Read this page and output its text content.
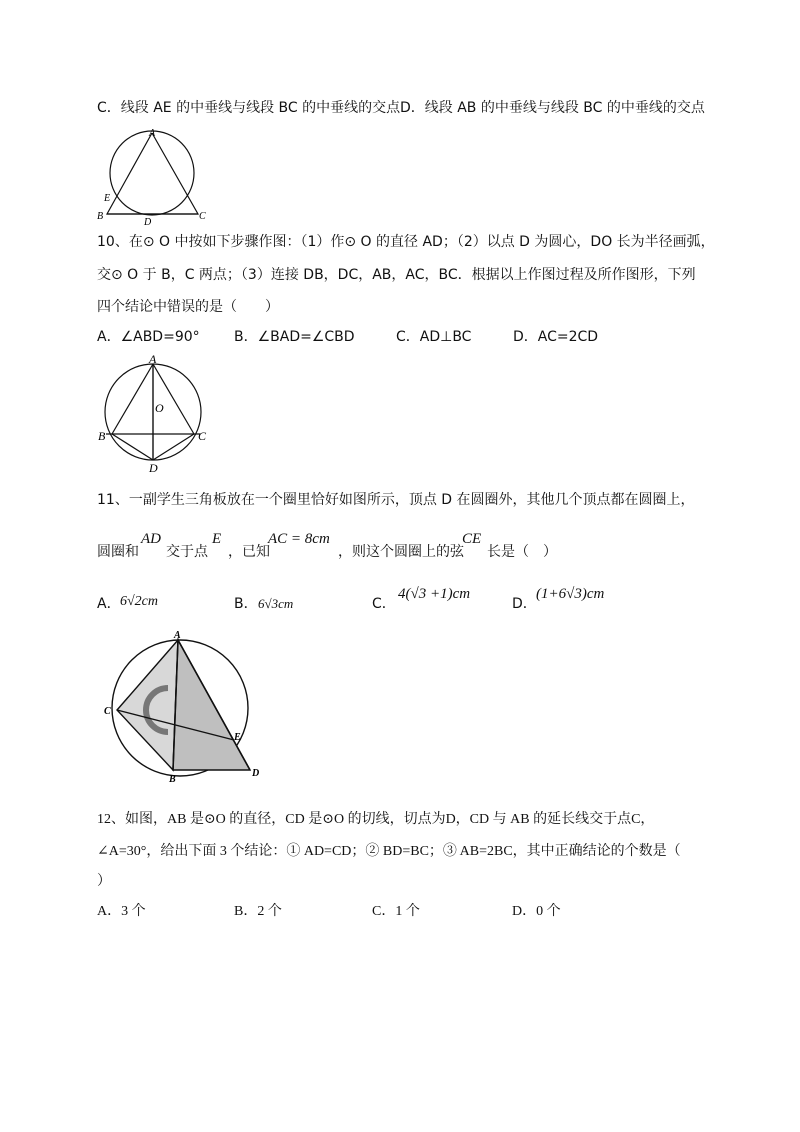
C．线段 AE 的中垂线与线段 BC 的中垂线的交点 D．线段 AB 的中垂线与线段 BC 的中垂线的交点
A
E
B
D
C
10、在⊙ O 中按如下步骤作图：（1）作⊙ O 的直径 AD；（2）以点 D 为圆心，DO 长为半径画弧，
交⊙ O 于 B，C 两点；（3）连接 DB，DC，AB，AC，BC．根据以上作图过程及所作图形，下列
四个结论中错误的是（　　）
A．∠ABD=90° B．∠BAD=∠CBD	C．AD⊥BC	D．AC=2CD
A
O
B	C
D
11、一副学生三角板放在一个圈里恰好如图所示，顶点 D 在圆圈外，其他几个顶点都在圆圈上，
圆圈和
AD
交于点
E
，已知
AC = 8cm
，则这个圆圈上的弦
CE
长是（　）
A． 6√2cm	B． 6√3cm	C．
4(√3 +1)cm
D．
(1+6√3)cm
A
C
E
B
D
12、如图，AB 是⊙O 的直径，CD 是⊙O 的切线，切点为D，CD 与 AB 的延长线交于点C，
∠A=30°，给出下面 3 个结论：① AD=CD；② BD=BC；③ AB=2BC，其中正确结论的个数是（
）
A．3 个	B．2 个	C．1 个	D．0 个
